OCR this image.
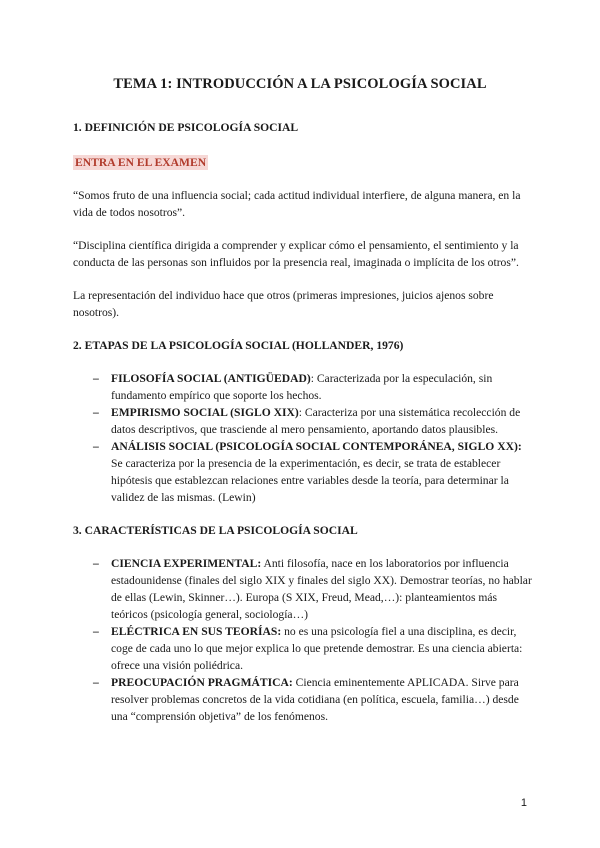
TEMA 1: INTRODUCCIÓN A LA PSICOLOGÍA SOCIAL

1. DEFINICIÓN DE PSICOLOGÍA SOCIAL

ENTRA EN EL EXAMEN

“Somos fruto de una influencia social; cada actitud individual interfiere, de alguna manera, en la vida de todos nosotros”.

“Disciplina científica dirigida a comprender y explicar cómo el pensamiento, el sentimiento y la conducta de las personas son influidos por la presencia real, imaginada o implícita de los otros”.

La representación del individuo hace que otros (primeras impresiones, juicios ajenos sobre nosotros).

2. ETAPAS DE LA PSICOLOGÍA SOCIAL (HOLLANDER, 1976)

– FILOSOFÍA SOCIAL (ANTIGÜEDAD): Caracterizada por la especulación, sin fundamento empírico que soporte los hechos.
– EMPIRISMO SOCIAL (SIGLO XIX): Caracteriza por una sistemática recolección de datos descriptivos, que trasciende al mero pensamiento, aportando datos plausibles.
– ANÁLISIS SOCIAL (PSICOLOGÍA SOCIAL CONTEMPORÁNEA, SIGLO XX): Se caracteriza por la presencia de la experimentación, es decir, se trata de establecer hipótesis que establezcan relaciones entre variables desde la teoría, para determinar la validez de las mismas. (Lewin)

3. CARACTERÍSTICAS DE LA PSICOLOGÍA SOCIAL

– CIENCIA EXPERIMENTAL: Anti filosofía, nace en los laboratorios por influencia estadounidense (finales del siglo XIX y finales del siglo XX). Demostrar teorías, no hablar de ellas (Lewin, Skinner…). Europa (S XIX, Freud, Mead,…): planteamientos más teóricos (psicología general, sociología…)
– ELÉCTRICA EN SUS TEORÍAS: no es una psicología fiel a una disciplina, es decir, coge de cada uno lo que mejor explica lo que pretende demostrar. Es una ciencia abierta: ofrece una visión poliédrica.
– PREOCUPACIÓN PRAGMÁTICA: Ciencia eminentemente APLICADA. Sirve para resolver problemas concretos de la vida cotidiana (en política, escuela, familia…) desde una “comprensión objetiva” de los fenómenos.
1
